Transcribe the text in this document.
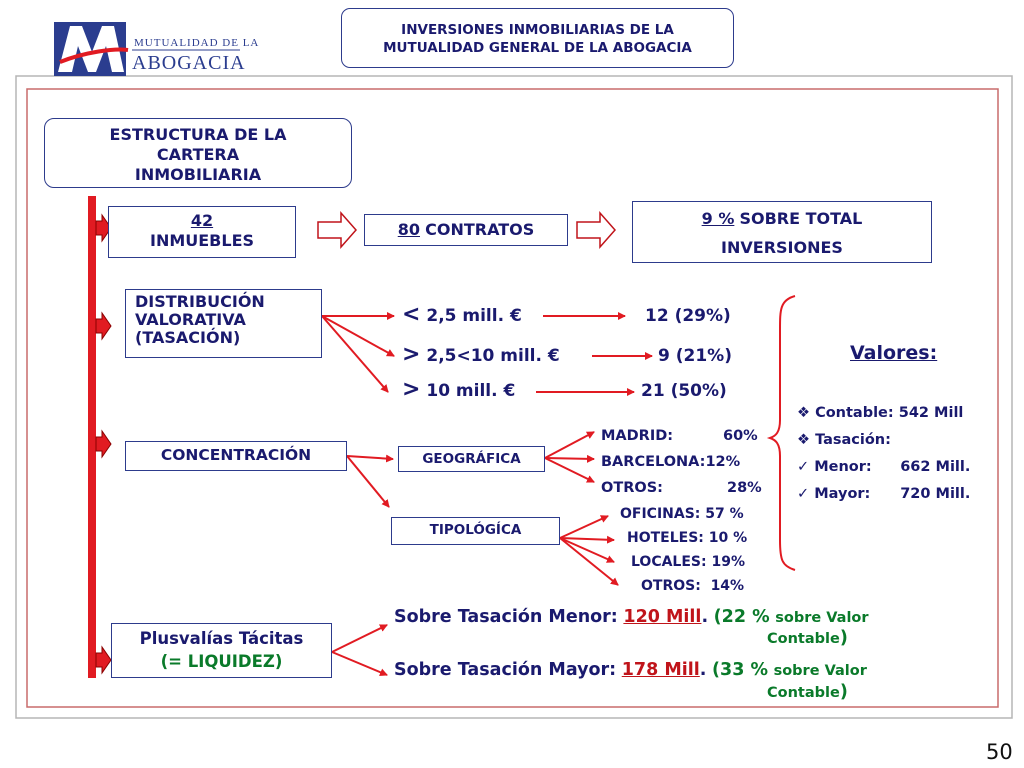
MUTUALIDAD DE LA
ABOGACIA
INVERSIONES INMOBILIARIAS DE LA
MUTUALIDAD GENERAL DE LA ABOGACIA
ESTRUCTURA DE LA
CARTERA
INMOBILIARIA
42
INMUEBLES
80 CONTRATOS
9 % SOBRE TOTAL
INVERSIONES
DISTRIBUCIÓN
VALORATIVA
(TASACIÓN)
< 2,5 mill. €	12 (29%)
> 2,5<10 mill. €	9 (21%)
> 10 mill. €	21 (50%)
Valores:
❖ Contable: 542 Mill
❖ Tasación:
✓ Menor: 662 Mill.
✓ Mayor: 720 Mill.
CONCENTRACIÓN	GEOGRÁFICA
MADRID:	60%
BARCELONA:12%
OTROS:	28%
TIPOLÓGÍCA
OFICINAS: 57 %
HOTELES: 10 %
LOCALES: 19%
OTROS:  14%
Plusvalías Tácitas
(= LIQUIDEZ)
Sobre Tasación Menor: 120 Mill. (22 % sobre Valor
Contable)
Sobre Tasación Mayor: 178 Mill. (33 % sobre Valor
Contable)
50
